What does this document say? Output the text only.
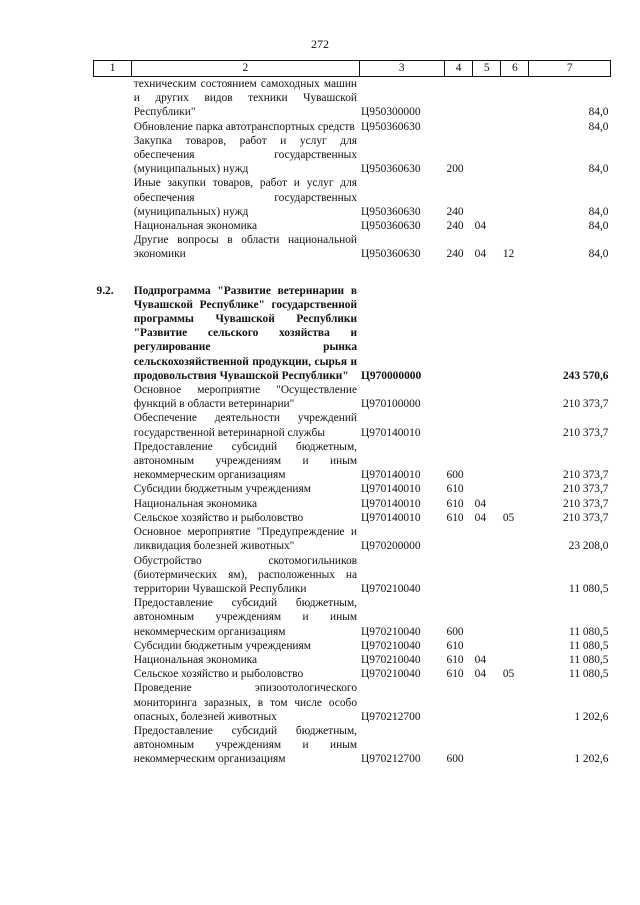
272
1	2	3	4	5	6	7
	техническим состоянием самоходных машин и других видов техники Чувашской Республики"	Ц950300000				84,0
	Обновление парка автотранспортных средств	Ц950360630				84,0
	Закупка товаров, работ и услуг для обеспечения государственных (муниципальных) нужд	Ц950360630	200			84,0
	Иные закупки товаров, работ и услуг для обеспечения государственных (муниципальных) нужд	Ц950360630	240			84,0
	Национальная экономика	Ц950360630	240	04		84,0
	Другие вопросы в области национальной экономики	Ц950360630	240	04	12	84,0

9.2.	Подпрограмма "Развитие ветеринарии в Чувашской Республике" государственной программы Чувашской Республики "Развитие сельского хозяйства и регулирование рынка сельскохозяйственной продукции, сырья и продовольствия Чувашской Республики"	Ц970000000				243 570,6
	Основное мероприятие "Осуществление функций в области ветеринарии"	Ц970100000				210 373,7
	Обеспечение деятельности учреждений государственной ветеринарной службы	Ц970140010				210 373,7
	Предоставление субсидий бюджетным, автономным учреждениям и иным некоммерческим организациям	Ц970140010	600			210 373,7
	Субсидии бюджетным учреждениям	Ц970140010	610			210 373,7
	Национальная экономика	Ц970140010	610	04		210 373,7
	Сельское хозяйство и рыболовство	Ц970140010	610	04	05	210 373,7
	Основное мероприятие "Предупреждение и ликвидация болезней животных"	Ц970200000				23 208,0
	Обустройство скотомогильников (биотермических ям), расположенных на территории Чувашской Республики	Ц970210040				11 080,5
	Предоставление субсидий бюджетным, автономным учреждениям и иным некоммерческим организациям	Ц970210040	600			11 080,5
	Субсидии бюджетным учреждениям	Ц970210040	610			11 080,5
	Национальная экономика	Ц970210040	610	04		11 080,5
	Сельское хозяйство и рыболовство	Ц970210040	610	04	05	11 080,5
	Проведение эпизоотологического мониторинга заразных, в том числе особо опасных, болезней животных	Ц970212700				1 202,6
	Предоставление субсидий бюджетным, автономным учреждениям и иным некоммерческим организациям	Ц970212700	600			1 202,6
